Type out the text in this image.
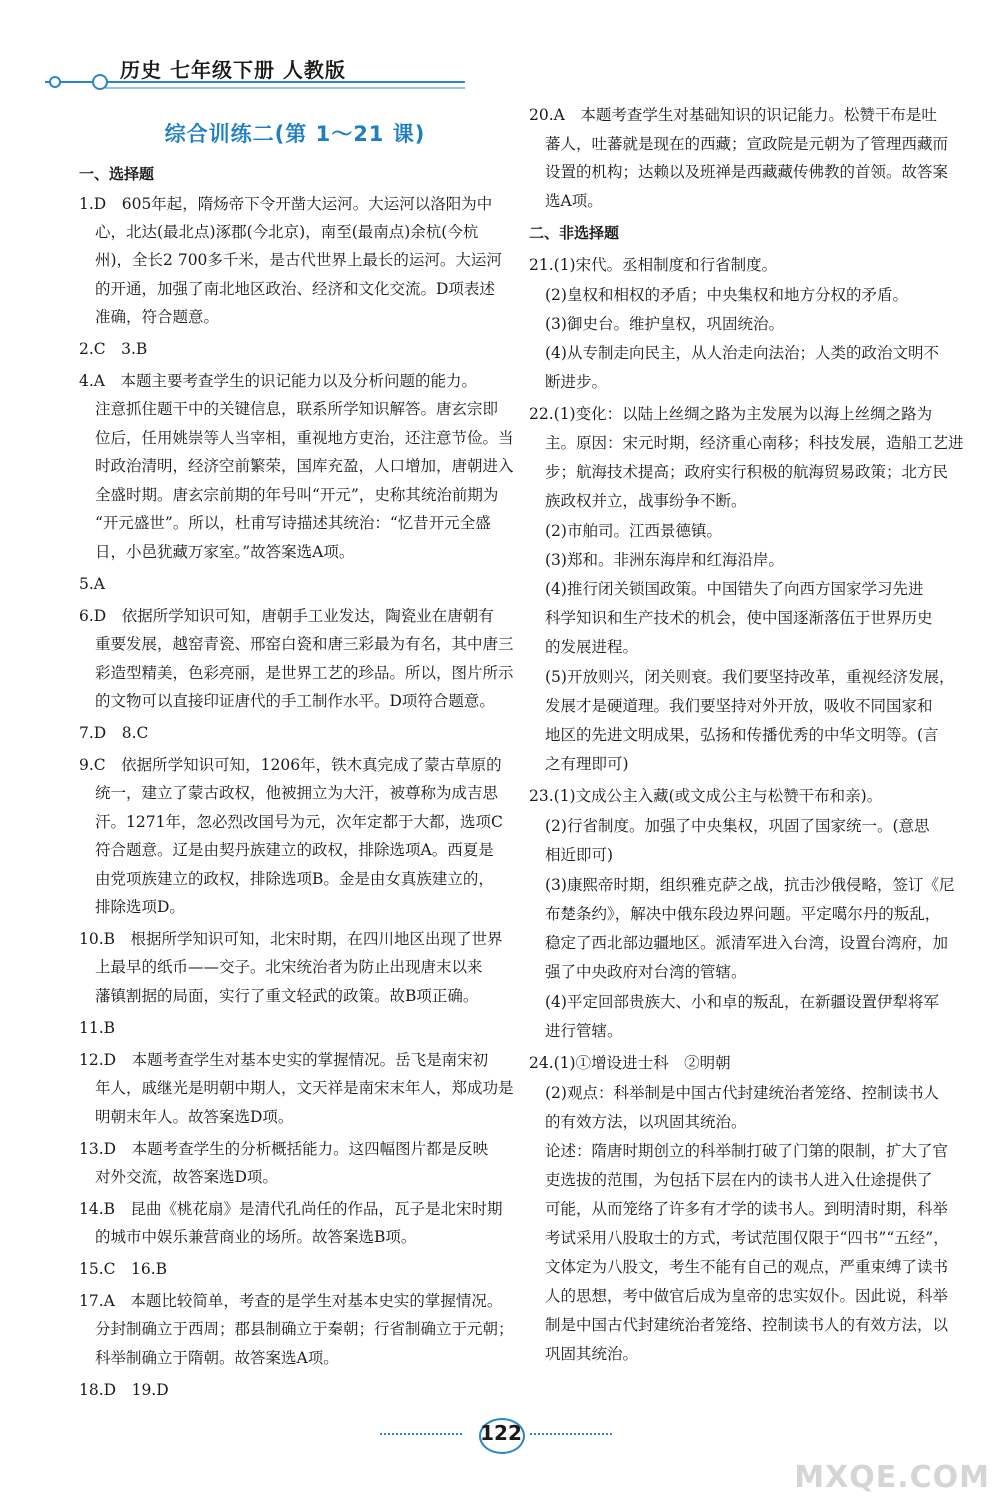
历史 七年级下册 人教版
综合训练二(第 1～21 课)
一、选择题
1.D　605年起，隋炀帝下令开凿大运河。大运河以洛阳为中
心，北达(最北点)涿郡(今北京)，南至(最南点)余杭(今杭
州)，全长2 700多千米，是古代世界上最长的运河。大运河
的开通，加强了南北地区政治、经济和文化交流。D项表述
准确，符合题意。
2.C　3.B
4.A　本题主要考查学生的识记能力以及分析问题的能力。
注意抓住题干中的关键信息，联系所学知识解答。唐玄宗即
位后，任用姚崇等人当宰相，重视地方吏治，还注意节俭。当
时政治清明，经济空前繁荣，国库充盈，人口增加，唐朝进入
全盛时期。唐玄宗前期的年号叫“开元”，史称其统治前期为
“开元盛世”。所以，杜甫写诗描述其统治：“忆昔开元全盛
日，小邑犹藏万家室。”故答案选A项。
5.A
6.D　依据所学知识可知，唐朝手工业发达，陶瓷业在唐朝有
重要发展，越窑青瓷、邢窑白瓷和唐三彩最为有名，其中唐三
彩造型精美，色彩亮丽，是世界工艺的珍品。所以，图片所示
的文物可以直接印证唐代的手工制作水平。D项符合题意。
7.D　8.C
9.C　依据所学知识可知，1206年，铁木真完成了蒙古草原的
统一，建立了蒙古政权，他被拥立为大汗，被尊称为成吉思
汗。1271年，忽必烈改国号为元，次年定都于大都，选项C
符合题意。辽是由契丹族建立的政权，排除选项A。西夏是
由党项族建立的政权，排除选项B。金是由女真族建立的，
排除选项D。
10.B　根据所学知识可知，北宋时期，在四川地区出现了世界
上最早的纸币——交子。北宋统治者为防止出现唐末以来
藩镇割据的局面，实行了重文轻武的政策。故B项正确。
11.B
12.D　本题考查学生对基本史实的掌握情况。岳飞是南宋初
年人，戚继光是明朝中期人，文天祥是南宋末年人，郑成功是
明朝末年人。故答案选D项。
13.D　本题考查学生的分析概括能力。这四幅图片都是反映
对外交流，故答案选D项。
14.B　昆曲《桃花扇》是清代孔尚任的作品，瓦子是北宋时期
的城市中娱乐兼营商业的场所。故答案选B项。
15.C　16.B
17.A　本题比较简单，考查的是学生对基本史实的掌握情况。
分封制确立于西周；郡县制确立于秦朝；行省制确立于元朝；
科举制确立于隋朝。故答案选A项。
18.D　19.D
20.A　本题考查学生对基础知识的识记能力。松赞干布是吐
蕃人，吐蕃就是现在的西藏；宣政院是元朝为了管理西藏而
设置的机构；达赖以及班禅是西藏藏传佛教的首领。故答案
选A项。
二、非选择题
21.(1)宋代。丞相制度和行省制度。
(2)皇权和相权的矛盾；中央集权和地方分权的矛盾。
(3)御史台。维护皇权，巩固统治。
(4)从专制走向民主，从人治走向法治；人类的政治文明不
断进步。
22.(1)变化：以陆上丝绸之路为主发展为以海上丝绸之路为
主。原因：宋元时期，经济重心南移；科技发展，造船工艺进
步；航海技术提高；政府实行积极的航海贸易政策；北方民
族政权并立，战事纷争不断。
(2)市舶司。江西景德镇。
(3)郑和。非洲东海岸和红海沿岸。
(4)推行闭关锁国政策。中国错失了向西方国家学习先进
科学知识和生产技术的机会，使中国逐渐落伍于世界历史
的发展进程。
(5)开放则兴，闭关则衰。我们要坚持改革，重视经济发展，
发展才是硬道理。我们要坚持对外开放，吸收不同国家和
地区的先进文明成果，弘扬和传播优秀的中华文明等。(言
之有理即可)
23.(1)文成公主入藏(或文成公主与松赞干布和亲)。
(2)行省制度。加强了中央集权，巩固了国家统一。(意思
相近即可)
(3)康熙帝时期，组织雅克萨之战，抗击沙俄侵略，签订《尼
布楚条约》，解决中俄东段边界问题。平定噶尔丹的叛乱，
稳定了西北部边疆地区。派清军进入台湾，设置台湾府，加
强了中央政府对台湾的管辖。
(4)平定回部贵族大、小和卓的叛乱，在新疆设置伊犁将军
进行管辖。
24.(1)①增设进士科　②明朝
(2)观点：科举制是中国古代封建统治者笼络、控制读书人
的有效方法，以巩固其统治。
论述：隋唐时期创立的科举制打破了门第的限制，扩大了官
吏选拔的范围，为包括下层在内的读书人进入仕途提供了
可能，从而笼络了许多有才学的读书人。到明清时期，科举
考试采用八股取士的方式，考试范围仅限于“四书”“五经”，
文体定为八股文，考生不能有自己的观点，严重束缚了读书
人的思想，考中做官后成为皇帝的忠实奴仆。因此说，科举
制是中国古代封建统治者笼络、控制读书人的有效方法，以
巩固其统治。
122
MXQE.COM
